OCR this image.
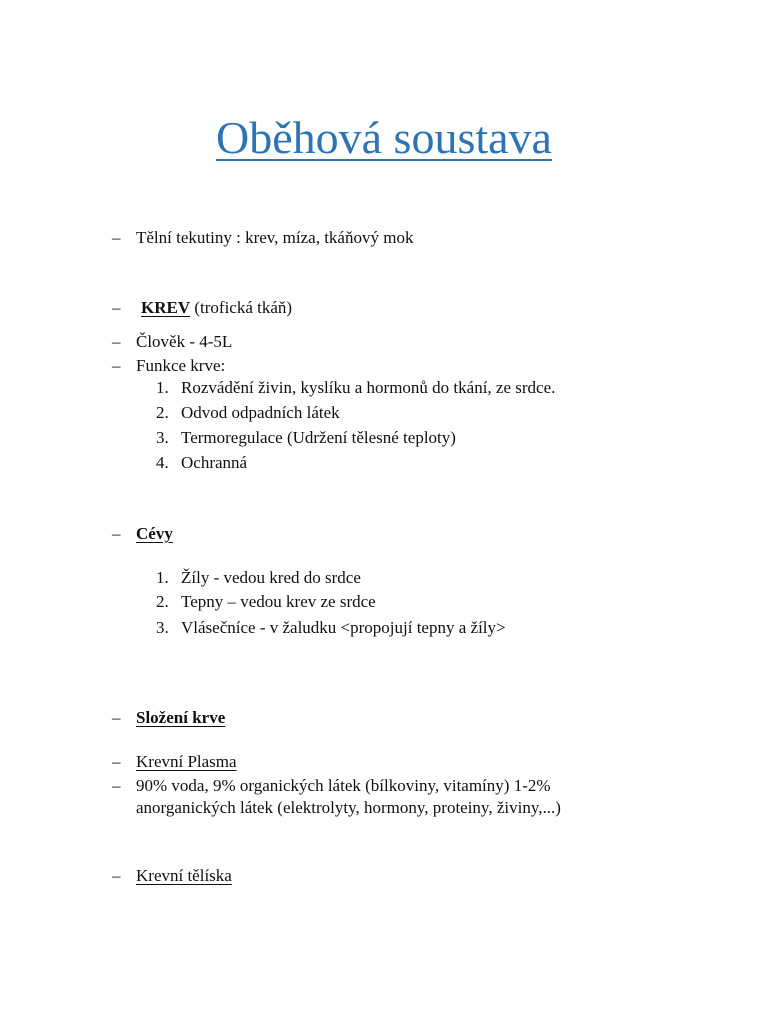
Oběhová soustava
– Tělní tekutiny : krev, míza, tkáňový mok
– KREV (trofická tkáň)
– Člověk - 4-5L
– Funkce krve:
1. Rozvádění živin, kyslíku a hormonů do tkání, ze srdce.
2. Odvod odpadních látek
3. Termoregulace (Udržení tělesné teploty)
4. Ochranná
– Cévy
1. Žíly - vedou kred do srdce
2. Tepny – vedou krev ze srdce
3. Vlásečníce - v žaludku <propojují tepny a žíly>
– Složení krve
– Krevní Plasma
– 90% voda, 9% organických látek (bílkoviny, vitamíny) 1-2%
anorganických látek (elektrolyty, hormony, proteiny, živiny,...)
– Krevní tělíska
